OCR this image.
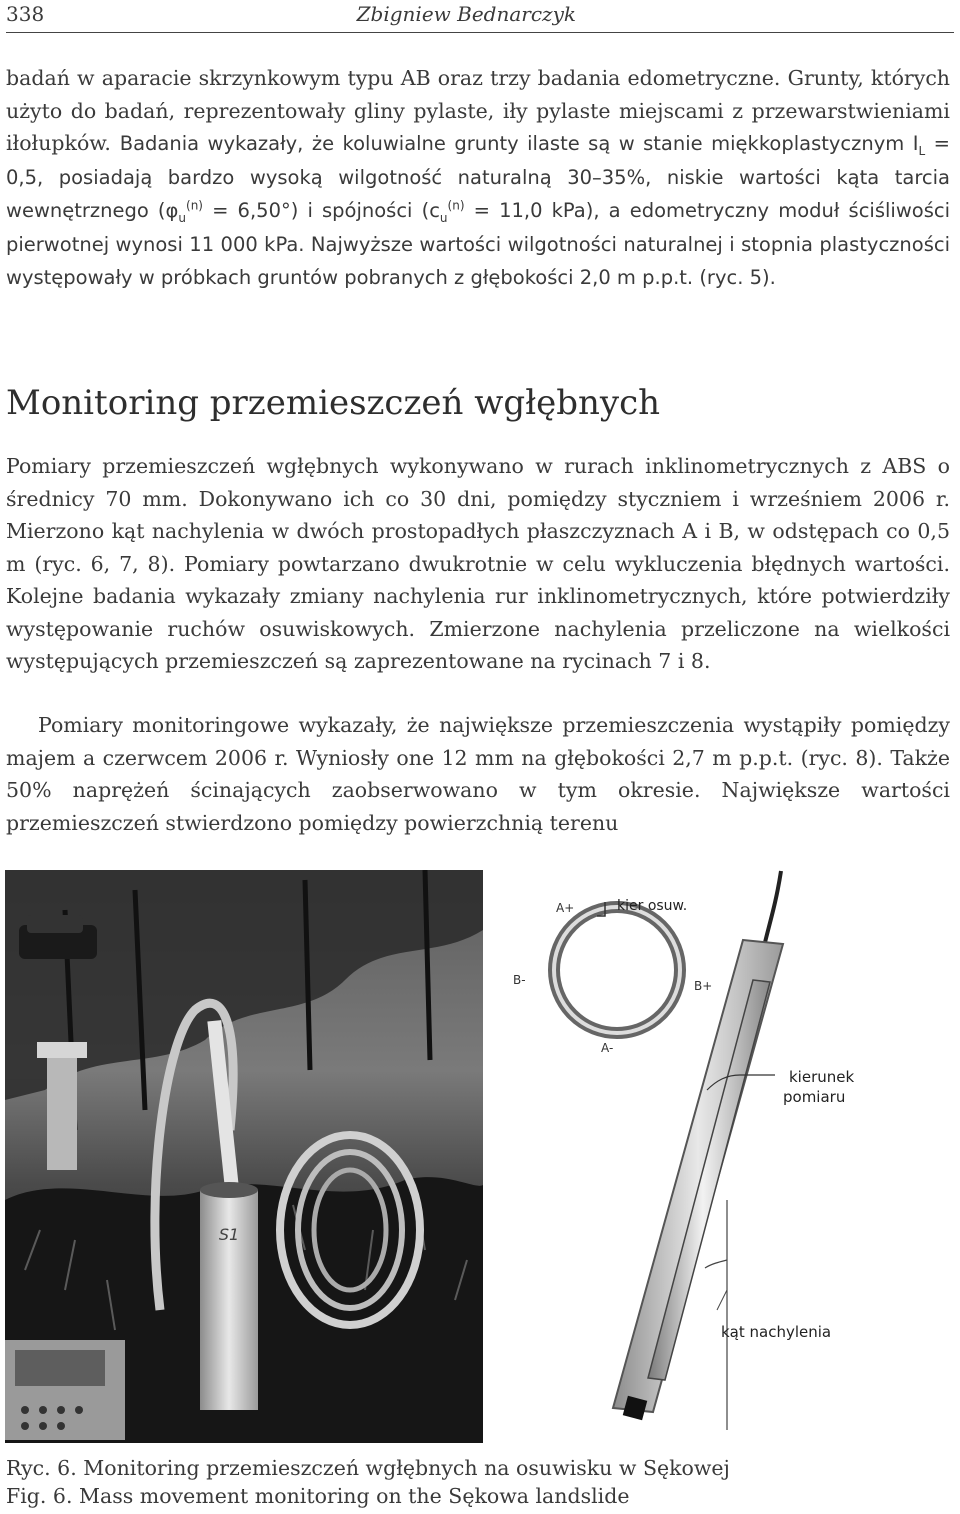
338	Zbigniew Bednarczyk

badań w aparacie skrzynkowym typu AB oraz trzy badania edometryczne. Grunty, których użyto do badań, reprezentowały gliny pylaste, iły pylaste miejscami z przewarstwieniami iłołupków. Badania wykazały, że koluwialne grunty ilaste są w stanie miękkoplastycznym $I_L = 0,5$, posiadają bardzo wysoką wilgotność naturalną 30–35%, niskie wartości kąta tarcia wewnętrznego $(\varphi_u^{(n)} = 6,50^\circ)$ i spójności ($c_u^{(n)} = 11,0$ kPa), a edometryczny moduł ściśliwości pierwotnej wynosi 11 000 kPa. Najwyższe wartości wilgotności naturalnej i stopnia plastyczności występowały w próbkach gruntów pobranych z głębokości 2,0 m p.p.t. (ryc. 5).

Monitoring przemieszczeń wgłębnych

Pomiary przemieszczeń wgłębnych wykonywano w rurach inklinometrycznych z ABS o średnicy 70 mm. Dokonywano ich co 30 dni, pomiędzy styczniem i wrześniem 2006 r. Mierzono kąt nachylenia w dwóch prostopadłych płaszczyznach A i B, w odstępach co 0,5 m (ryc. 6, 7, 8). Pomiary powtarzano dwukrotnie w celu wykluczenia błędnych wartości. Kolejne badania wykazały zmiany nachylenia rur inklinometrycznych, które potwierdziły występowanie ruchów osuwiskowych. Zmierzone nachylenia przeliczone na wielkości występujących przemieszczeń są zaprezentowane na rycinach 7 i 8.

Pomiary monitoringowe wykazały, że największe przemieszczenia wystąpiły pomiędzy majem a czerwcem 2006 r. Wyniosły one 12 mm na głębokości 2,7 m p.p.t. (ryc. 8). Także 50% naprężeń ścinających zaobserwowano w tym okresie. Największe wartości przemieszczeń stwierdzono pomiędzy powierzchnią terenu

S1
A+	kier osuw.
B-	B+
A-
kierunek
pomiaru
kąt nachylenia
Ryc. 6. Monitoring przemieszczeń wgłębnych na osuwisku w Sękowej
Fig. 6. Mass movement monitoring on the Sękowa landslide
